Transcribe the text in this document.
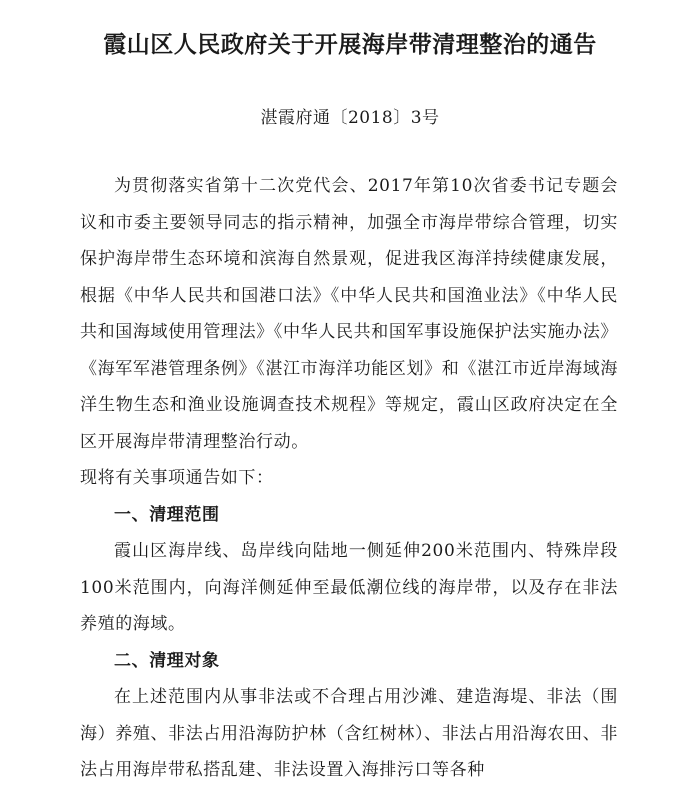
霞山区人民政府关于开展海岸带清理整治的通告

湛霞府通〔2018〕3号

为贯彻落实省第十二次党代会、2017年第10次省委书记专题会议和市委主要领导同志的指示精神，加强全市海岸带综合管理，切实保护海岸带生态环境和滨海自然景观，促进我区海洋持续健康发展，根据《中华人民共和国港口法》《中华人民共和国渔业法》《中华人民共和国海域使用管理法》《中华人民共和国军事设施保护法实施办法》《海军军港管理条例》《湛江市海洋功能区划》和《湛江市近岸海域海洋生物生态和渔业设施调查技术规程》等规定，霞山区政府决定在全区开展海岸带清理整治行动。

现将有关事项通告如下：

一、清理范围

霞山区海岸线、岛岸线向陆地一侧延伸200米范围内、特殊岸段100米范围内，向海洋侧延伸至最低潮位线的海岸带，以及存在非法养殖的海域。

二、清理对象

在上述范围内从事非法或不合理占用沙滩、建造海堤、非法（围海）养殖、非法占用沿海防护林（含红树林）、非法占用沿海农田、非法占用海岸带私搭乱建、非法设置入海排污口等各种
